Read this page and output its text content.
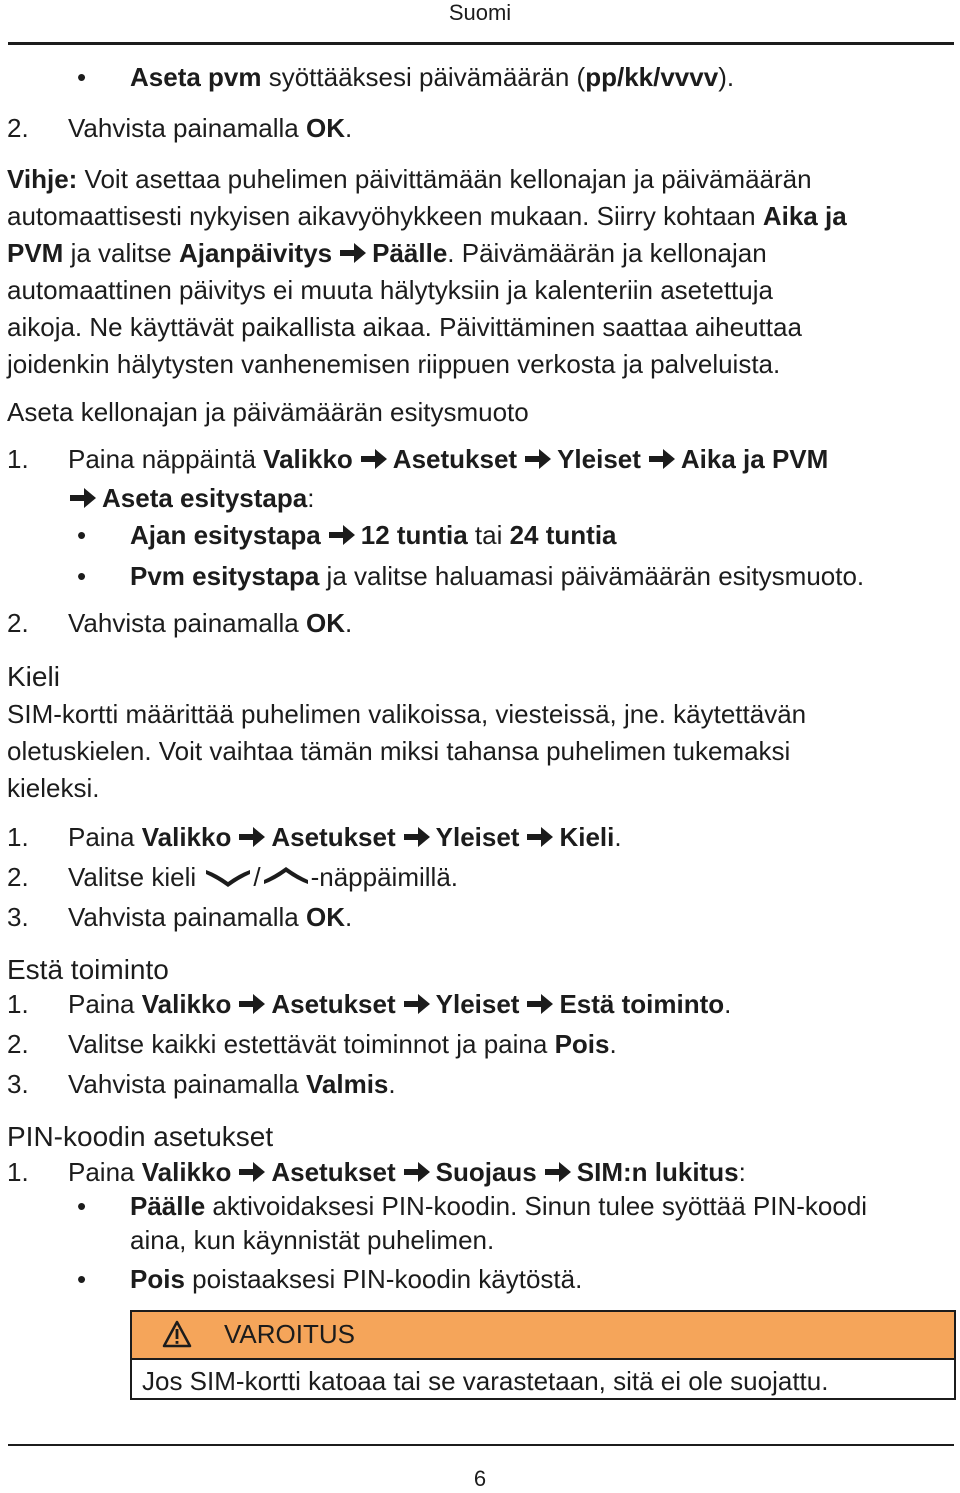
Suomi
• Aseta pvm syöttääksesi päivämäärän (pp/kk/vvvv).
2. Vahvista painamalla OK.
Vihje: Voit asettaa puhelimen päivittämään kellonajan ja päivämäärän
automaattisesti nykyisen aikavyöhykkeen mukaan. Siirry kohtaan Aika ja
PVM ja valitse Ajanpäivitys Päälle. Päivämäärän ja kellonajan
automaattinen päivitys ei muuta hälytyksiin ja kalenteriin asetettuja
aikoja. Ne käyttävät paikallista aikaa. Päivittäminen saattaa aiheuttaa
joidenkin hälytysten vanhenemisen riippuen verkosta ja palveluista.
Aseta kellonajan ja päivämäärän esitysmuoto
1. Paina näppäintä Valikko Asetukset Yleiset Aika ja PVM
Aseta esitystapa:
• Ajan esitystapa 12 tuntia tai 24 tuntia
• Pvm esitystapa ja valitse haluamasi päivämäärän esitysmuoto.
2. Vahvista painamalla OK.
Kieli
SIM-kortti määrittää puhelimen valikoissa, viesteissä, jne. käytettävän
oletuskielen. Voit vaihtaa tämän miksi tahansa puhelimen tukemaksi
kieleksi.
1. Paina Valikko Asetukset Yleiset Kieli.
2. Valitse kieli / -näppäimillä.
3. Vahvista painamalla OK.
Estä toiminto
1. Paina Valikko Asetukset Yleiset Estä toiminto.
2. Valitse kaikki estettävät toiminnot ja paina Pois.
3. Vahvista painamalla Valmis.
PIN-koodin asetukset
1. Paina Valikko Asetukset Suojaus SIM:n lukitus:
• Päälle aktivoidaksesi PIN-koodin. Sinun tulee syöttää PIN-koodi
aina, kun käynnistät puhelimen.
• Pois poistaaksesi PIN-koodin käytöstä.
VAROITUS
Jos SIM-kortti katoaa tai se varastetaan, sitä ei ole suojattu.
6
